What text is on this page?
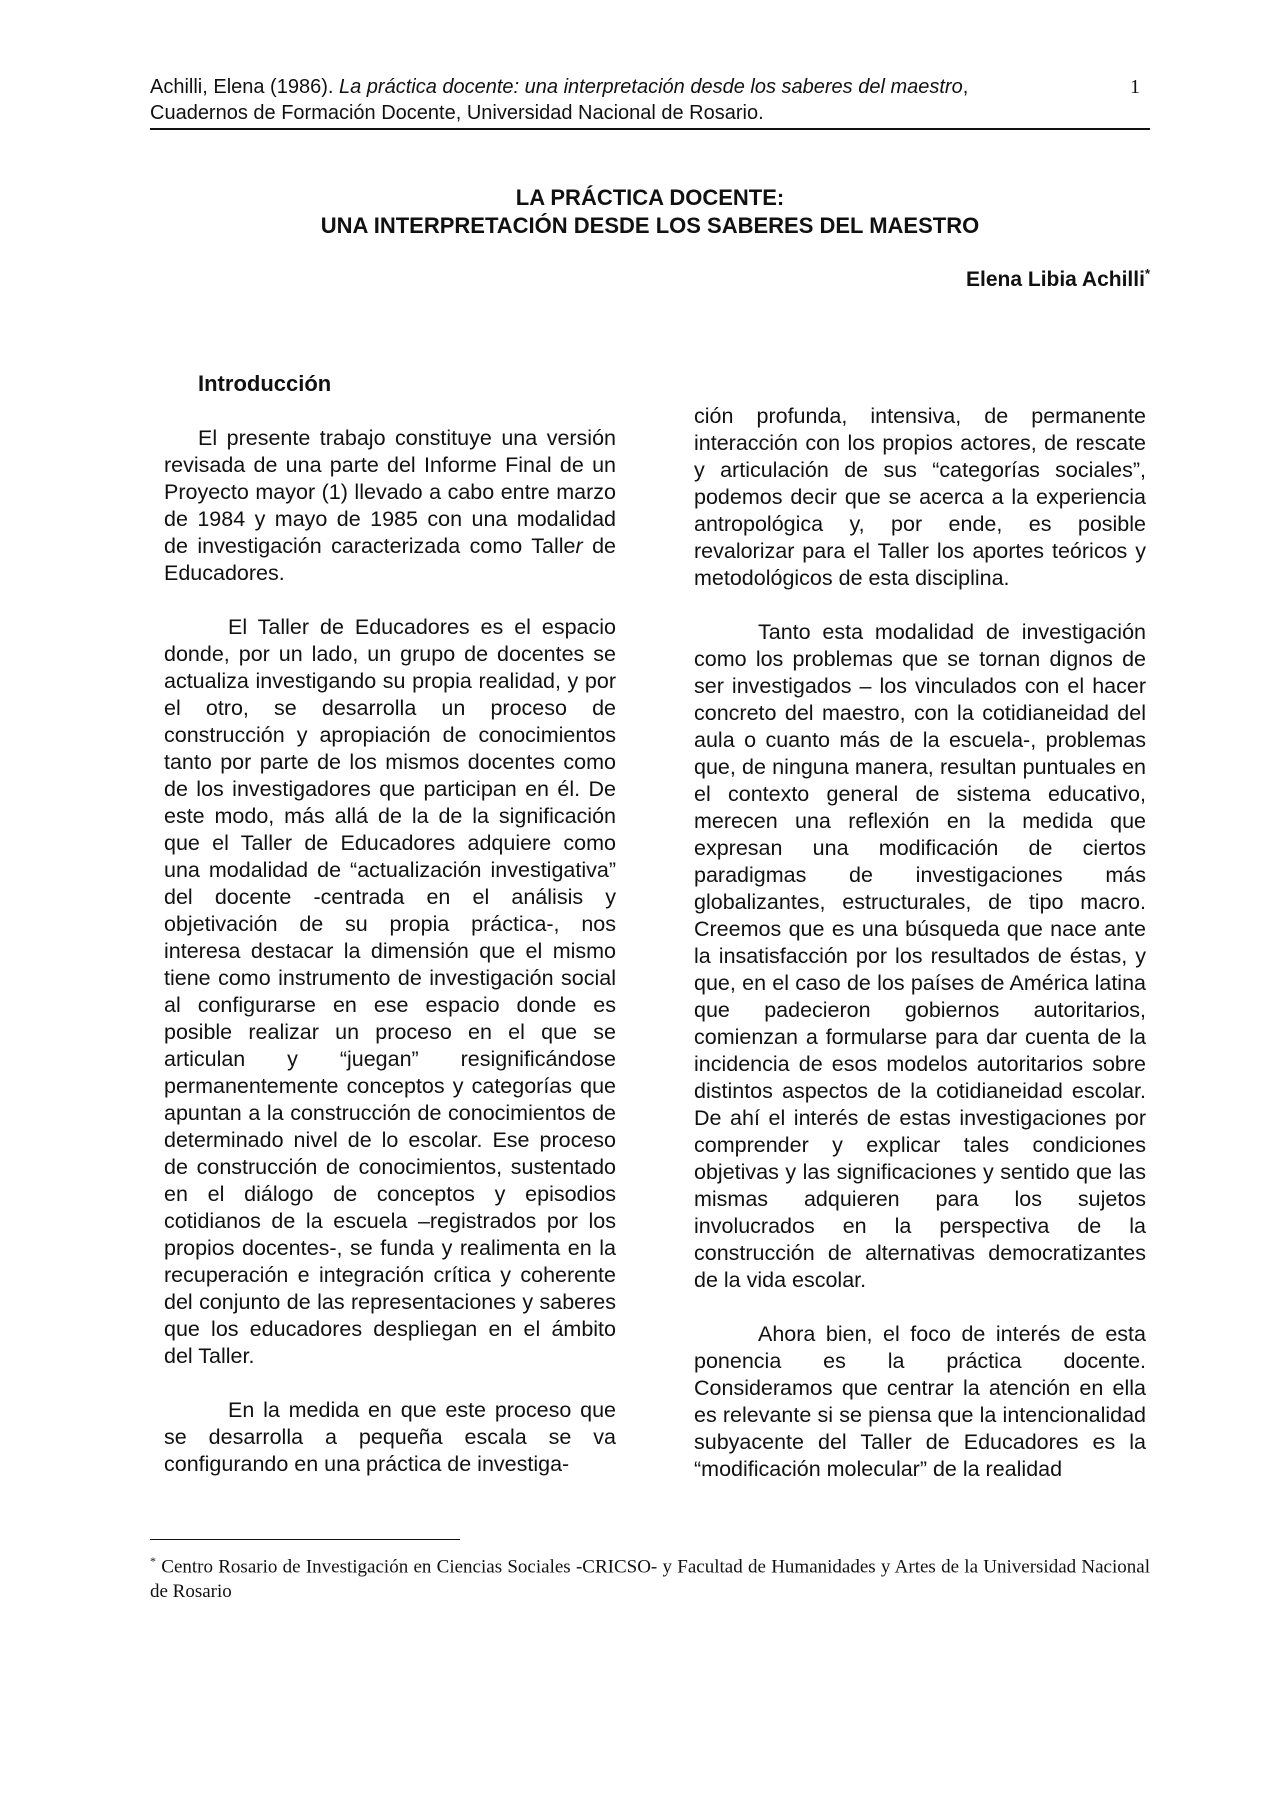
Achilli, Elena (1986). La práctica docente: una interpretación desde los saberes del maestro,
Cuadernos de Formación Docente, Universidad Nacional de Rosario.
1
LA PRÁCTICA DOCENTE:
UNA INTERPRETACIÓN DESDE LOS SABERES DEL MAESTRO
Elena Libia Achilli*
Introducción

El presente trabajo constituye una versión revisada de una parte del Informe Final de un Proyecto mayor (1) llevado a cabo entre marzo de 1984 y mayo de 1985 con una modalidad de investigación caracterizada como Taller de Educadores.

El Taller de Educadores es el espacio donde, por un lado, un grupo de docentes se actualiza investigando su propia realidad, y por el otro, se desarrolla un proceso de construcción y apropiación de conocimientos tanto por parte de los mismos docentes como de los investigadores que participan en él. De este modo, más allá de la de la significación que el Taller de Educadores adquiere como una modalidad de “actualización investigativa” del docente -centrada en el análisis y objetivación de su propia práctica-, nos interesa destacar la dimensión que el mismo tiene como instrumento de investigación social al configurarse en ese espacio donde es posible realizar un proceso en el que se articulan y “juegan” resignificándose permanentemente conceptos y categorías que apuntan a la construcción de conocimientos de determinado nivel de lo escolar. Ese proceso de construcción de conocimientos, sustentado en el diálogo de conceptos y episodios cotidianos de la escuela –registrados por los propios docentes-, se funda y realimenta en la recuperación e integración crítica y coherente del conjunto de las representaciones y saberes que los educadores despliegan en el ámbito del Taller.

En la medida en que este proceso que se desarrolla a pequeña escala se va configurando en una práctica de investiga-

ción profunda, intensiva, de permanente interacción con los propios actores, de rescate y articulación de sus “categorías sociales”, podemos decir que se acerca a la experiencia antropológica y, por ende, es posible revalorizar para el Taller los aportes teóricos y metodológicos de esta disciplina.

Tanto esta modalidad de investigación como los problemas que se tornan dignos de ser investigados – los vinculados con el hacer concreto del maestro, con la cotidianeidad del aula o cuanto más de la escuela-, problemas que, de ninguna manera, resultan puntuales en el contexto general de sistema educativo, merecen una reflexión en la medida que expresan una modificación de ciertos paradigmas de investigaciones más globalizantes, estructurales, de tipo macro. Creemos que es una búsqueda que nace ante la insatisfacción por los resultados de éstas, y que, en el caso de los países de América latina que padecieron gobiernos autoritarios, comienzan a formularse para dar cuenta de la incidencia de esos modelos autoritarios sobre distintos aspectos de la cotidianeidad escolar. De ahí el interés de estas investigaciones por comprender y explicar tales condiciones objetivas y las significaciones y sentido que las mismas adquieren para los sujetos involucrados en la perspectiva de la construcción de alternativas democratizantes de la vida escolar.

Ahora bien, el foco de interés de esta ponencia es la práctica docente. Consideramos que centrar la atención en ella es relevante si se piensa que la intencionalidad subyacente del Taller de Educadores es la “modificación molecular” de la realidad

* Centro Rosario de Investigación en Ciencias Sociales -CRICSO- y Facultad de Humanidades y Artes de la Universidad Nacional de Rosario
